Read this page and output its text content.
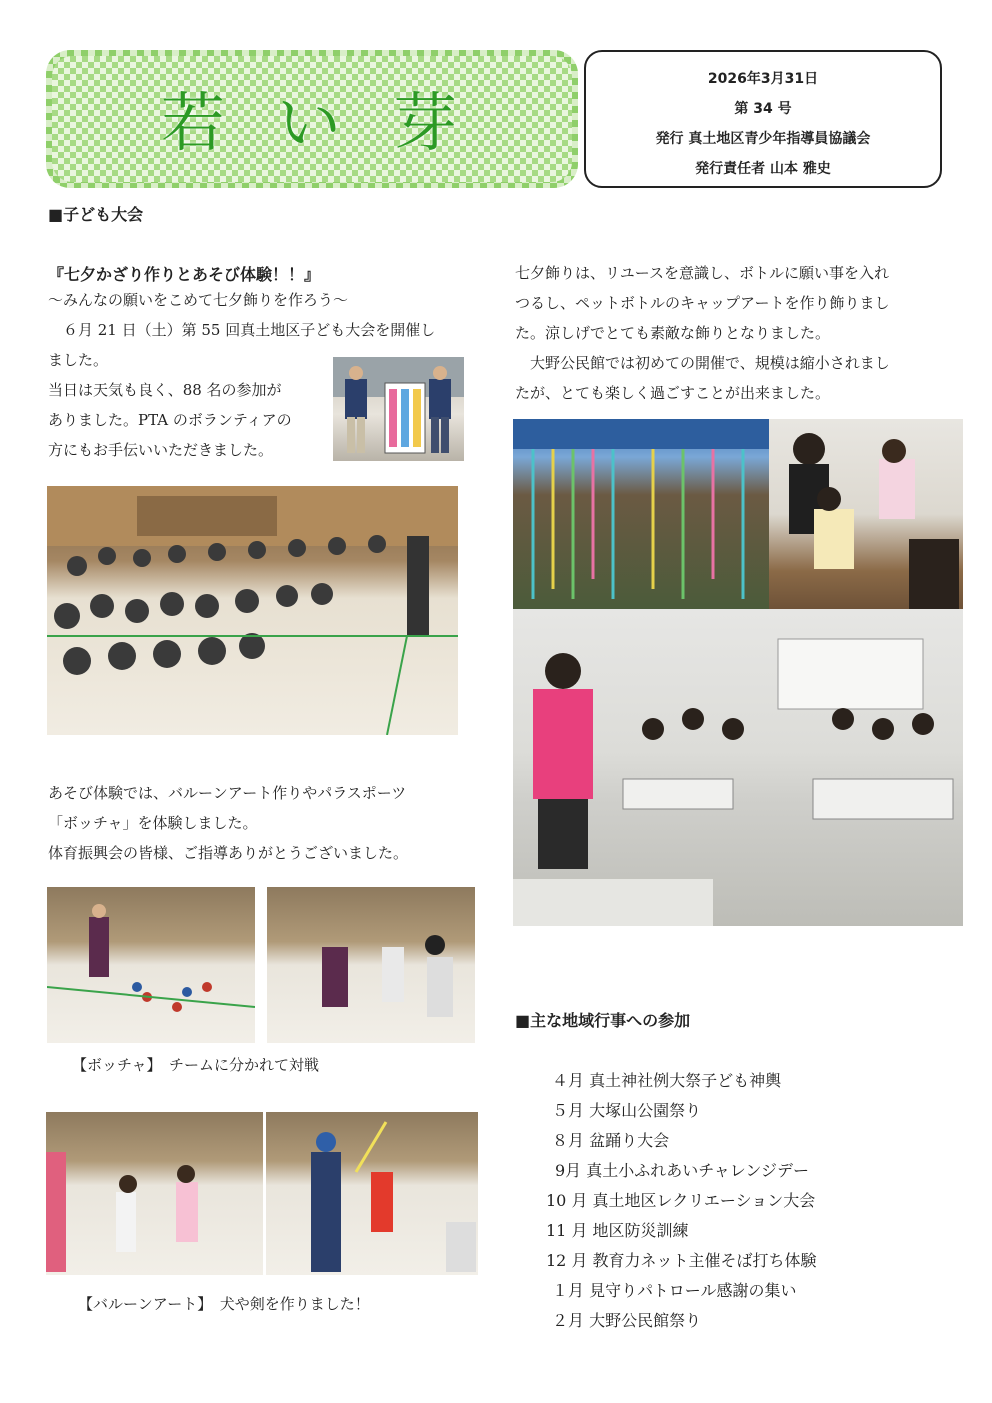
若い芽
2026年3月31日
第 34 号
発行 真土地区青少年指導員協議会
発行責任者 山本 雅史
■子ども大会
『七夕かざり作りとあそび体験！！』
～みんなの願いをこめて七夕飾りを作ろう～
　６月 21 日（土）第 55 回真土地区子ども大会を開催し
ました。
当日は天気も良く、88 名の参加が
ありました。PTA のボランティアの
方にもお手伝いいただきました。
あそび体験では、バルーンアート作りやパラスポーツ
「ボッチャ」を体験しました。
体育振興会の皆様、ご指導ありがとうございました。
【ボッチャ】　チームに分かれて対戦
【バルーンアート】　犬や剣を作りました！
七夕飾りは、リユースを意識し、ボトルに願い事を入れ
つるし、ペットボトルのキャップアートを作り飾りまし
た。涼しげでとても素敵な飾りとなりました。
　大野公民館では初めての開催で、規模は縮小されまし
たが、とても楽しく過ごすことが出来ました。
■主な地域行事への参加
４月 真土神社例大祭子ども神輿
５月 大塚山公園祭り
８月 盆踊り大会
9月 真土小ふれあいチャレンジデー
10 月 真土地区レクリエーション大会
11 月 地区防災訓練
12 月 教育力ネット主催そば打ち体験
１月 見守りパトロール感謝の集い
２月 大野公民館祭り
